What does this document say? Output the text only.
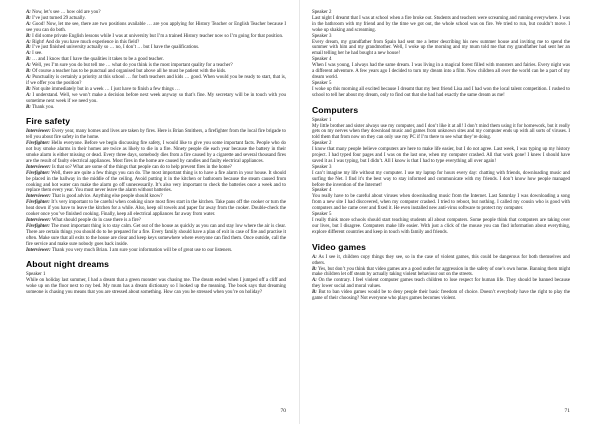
A: Now, let’s see … how old are you?

B: I’ve just turned 29 actually.

A: Good! Now, let me see, there are two positions available … are you applying for History Teacher or English Teacher because I see you can do both.

B: I did some private English lessons while I was at university but I’m a trained History teacher now so I’m going for that position.

A: Right! And do you have much experience in this field?

B: I’ve just finished university actually so … no, I don’t … but I have the qualifications.

A: I see.

B: … and I know that I have the qualities it takes to be a good teacher.

A: Well, yes I’m sure you do but tell me … what do you think is the most important quality for a teacher?

B: Of course a teacher has to be punctual and organised but above all he must be patient with the kids.

A: Punctuality is certainly a priority at this school … for both teachers and kids … good. When would you be ready to start, that is, if we offer you the position?

B: Not quite immediately but in a week … I just have to finish a few things …

A: I understand. Well, we won’t make a decision before next week anyway so that’s fine. My secretary will be in touch with you sometime next week if we need you.

B: Thank you.

Fire safety

Interviewer: Every year, many homes and lives are taken by fires. Here is Brian Smithers, a firefighter from the local fire brigade to tell you about fire safety in the home.

Firefighter: Hello everyone. Before we begin discussing fire safety, I would like to give you some important facts. People who do not buy smoke alarms in their homes are twice as likely to die in a fire. Ninety people die each year because the battery in their smoke alarm is either missing or dead. Every three days, somebody dies from a fire caused by a cigarette and several thousand fires are the result of faulty electrical appliances. Most fires in the home are caused by candles and faulty electrical appliances.

Interviewer: Is that so? What are some of the things that people can do to help prevent fires in the home?

Firefighter: Well, there are quite a few things you can do. The most important thing is to have a fire alarm in your house. It should be placed in the hallway in the middle of the ceiling. Avoid putting it in the kitchen or bathroom because the steam caused from cooking and hot water can make the alarm go off unnecessarily. It’s also very important to check the batteries once a week and to replace them every year. You must never leave the alarm without batteries.

Interviewer: That is good advice. Anything else people should know?

Firefighter: It’s very important to be careful when cooking since most fires start in the kitchen. Take pans off the cooker or turn the heat down if you have to leave the kitchen for a while. Also, keep oil towels and paper far away from the cooker. Double-check the cooker once you’ve finished cooking. Finally, keep all electrical appliances far away from water.

Interviewer: What should people do in case there is a fire?

Firefighter: The most important thing is to stay calm. Get out of the house as quickly as you can and stay low where the air is clear. There are certain things you should do to be prepared for a fire. Every family should have a plan of exit in case of fire and practise it often. Make sure that all exits to the house are clear and keep keys somewhere where everyone can find them. Once outside, call the fire service and make sure nobody goes back inside.

Interviewer: Thank you very much Brian. I am sure your information will be of great use to our listeners.

About night dreams

Speaker 1

While on holiday last summer, I had a dream that a green monster was chasing me. The dream ended when I jumped off a cliff and woke up on the floor next to my bed. My mum has a dream dictionary so I looked up the meaning. The book says that dreaming someone is chasing you means that you are stressed about something. How can you be stressed when you’re on holiday?

70

Speaker 2

Last night I dreamt that I was at school when a fire broke out. Students and teachers were screaming and running everywhere. I was in the bathroom with my friend and by the time we got out, the whole school was on fire. We tried to run, but couldn’t move. I woke up shaking and screaming.

Speaker 3

Every dream, my grandfather from Spain had sent me a letter describing his new summer house and inviting me to spend the summer with him and my grandmother. Well, I woke up the morning and my mum told me that my grandfather had sent her an email telling her he had bought a new house!

Speaker 4

When I was young, I always had the same dream. I was living in a magical forest filled with monsters and fairies. Every night was a different adventure. A few years ago I decided to turn my dream into a film. Now children all over the world can be a part of my dream world.

Speaker 5

I woke up this morning all excited because I dreamt that my best friend Lisa and I had won the local talent competition. I rushed to school to tell her about my dream, only to find out that she had had exactly the same dream as me!

Computers

Speaker 1

My little brother and sister always use my computer, and I don’t like it at all! I don’t mind them using it for homework, but it really gets on my nerves when they download music and games from unknown sites and my computer ends up with all sorts of viruses. I told them that from now on they can only use my PC if I’m there to see what they’re doing.

Speaker 2

I know that many people believe computers are here to make life easier, but I do not agree. Last week, I was typing up my history project. I had typed four pages and I was on the last one, when my computer crashed. All that work gone! I knew I should have saved it as I was typing, but I didn’t. All I know is that I had to type everything all over again!

Speaker 3

I can’t imagine my life without my computer. I use my laptop for hours every day: chatting with friends, downloading music and surfing the Net. I find it’s the best way to stay informed and communicate with my friends. I don’t know how people managed before the invention of the Internet!

Speaker 4

You really have to be careful about viruses when downloading music from the Internet. Last Saturday I was downloading a song from a new site I had discovered, when my computer crashed. I tried to reboot, but nothing. I called my cousin who is good with computers and he came over and fixed it. He even installed new anti-virus software to protect my computer.

Speaker 5

I really think more schools should start teaching students all about computers. Some people think that computers are taking over our lives, but I disagree. Computers make life easier. With just a click of the mouse you can find information about everything, explore different countries and keep in touch with family and friends.

Video games

A: As I see it, children copy things they see, so in the case of violent games, this could be dangerous for both themselves and others.

B: Yes, but don’t you think that video games are a good outlet for aggression in the safety of one’s own home. Banning them might make children let off steam by actually taking violent behaviour out on the streets.

A: On the contrary. I feel violent computer games teach children to lose respect for human life. They should be banned because they lower social and moral values.

B: But to ban video games would be to deny people their basic freedom of choice. Doesn’t everybody have the right to play the game of their choosing? Not everyone who plays games becomes violent.

71
